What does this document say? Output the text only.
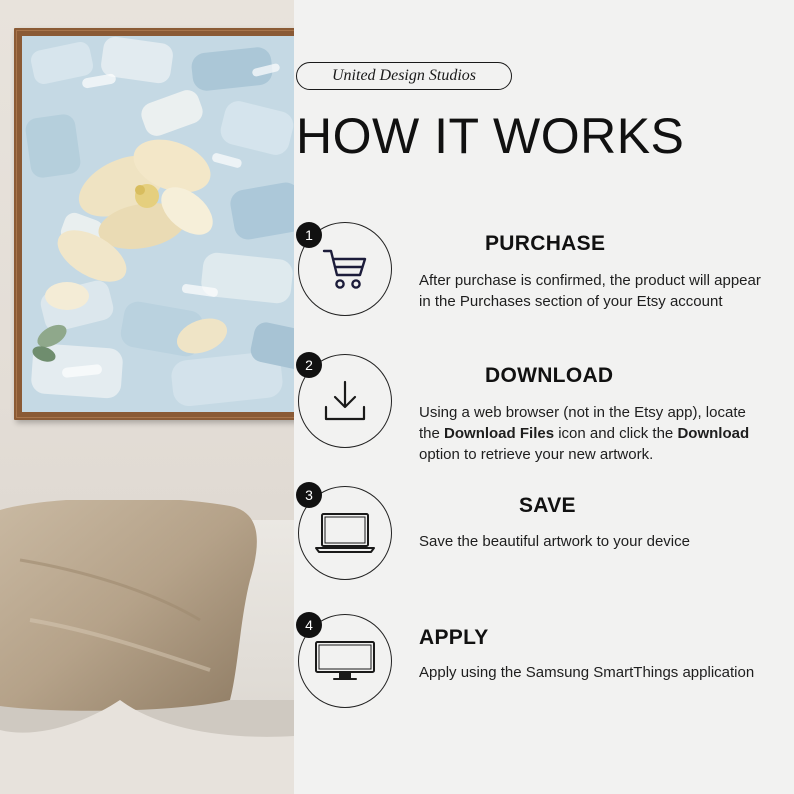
United Design Studios
HOW IT WORKS
1	PURCHASE

After purchase is confirmed, the product will appear in the Purchases section of your Etsy account

2	DOWNLOAD

Using a web browser (not in the Etsy app), locate the Download Files icon and click the Download option to retrieve your new artwork.

3	SAVE

Save the beautiful artwork to your device

4
APPLY

Apply using the Samsung SmartThings application
